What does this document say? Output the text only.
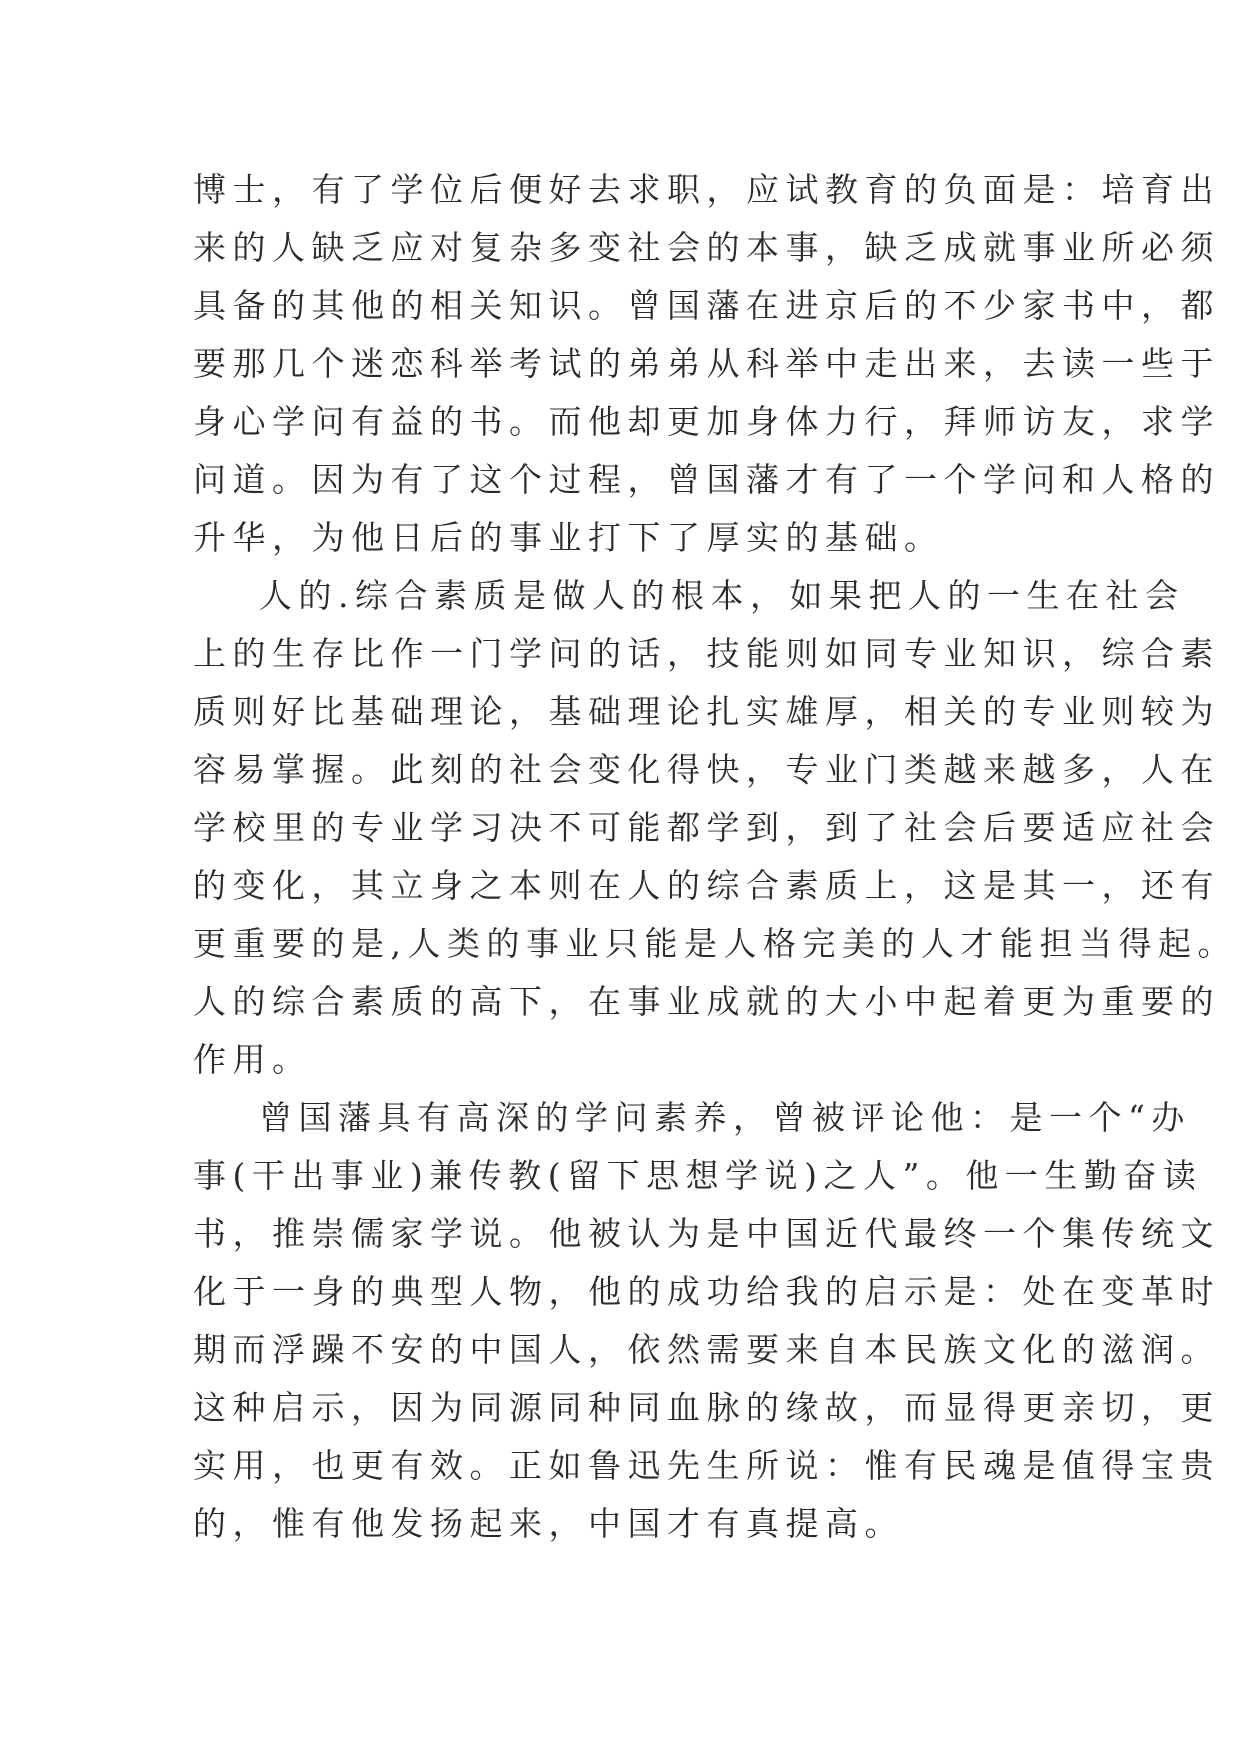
博士，有了学位后便好去求职，应试教育的负面是：培育出
来的人缺乏应对复杂多变社会的本事，缺乏成就事业所必须
具备的其他的相关知识。曾国藩在进京后的不少家书中，都
要那几个迷恋科举考试的弟弟从科举中走出来，去读一些于
身心学问有益的书。而他却更加身体力行，拜师访友，求学
问道。因为有了这个过程，曾国藩才有了一个学问和人格的
升华，为他日后的事业打下了厚实的基础。
人的.综合素质是做人的根本，如果把人的一生在社会
上的生存比作一门学问的话，技能则如同专业知识，综合素
质则好比基础理论，基础理论扎实雄厚，相关的专业则较为
容易掌握。此刻的社会变化得快，专业门类越来越多，人在
学校里的专业学习决不可能都学到，到了社会后要适应社会
的变化，其立身之本则在人的综合素质上，这是其一，还有
更重要的是,人类的事业只能是人格完美的人才能担当得起。
人的综合素质的高下，在事业成就的大小中起着更为重要的
作用。
曾国藩具有高深的学问素养，曾被评论他：是一个“办
事(干出事业)兼传教(留下思想学说)之人”。他一生勤奋读
书，推崇儒家学说。他被认为是中国近代最终一个集传统文
化于一身的典型人物，他的成功给我的启示是：处在变革时
期而浮躁不安的中国人，依然需要来自本民族文化的滋润。
这种启示，因为同源同种同血脉的缘故，而显得更亲切，更
实用，也更有效。正如鲁迅先生所说：惟有民魂是值得宝贵
的，惟有他发扬起来，中国才有真提高。
